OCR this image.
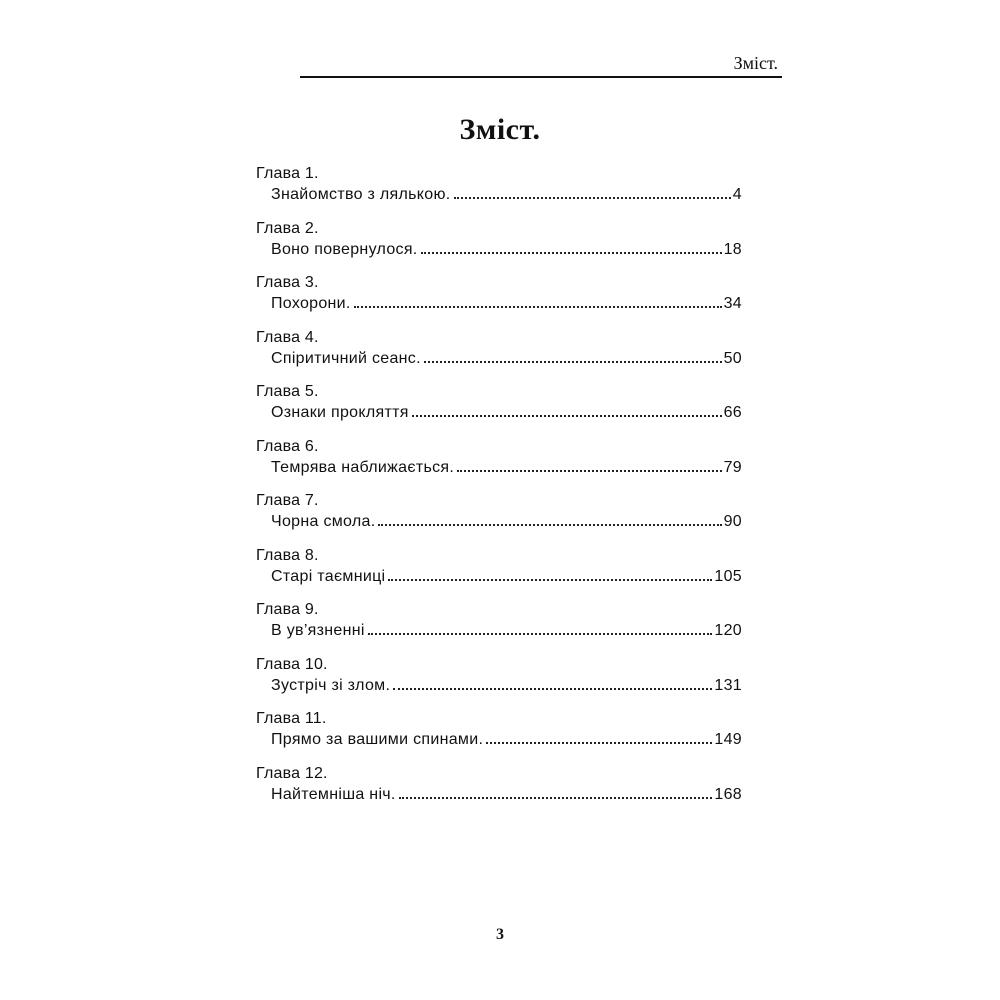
Зміст.
Зміст.
Глава 1.
Знайомство з лялькою.	4
Глава 2.
Воно повернулося.	18
Глава 3.
Похорони.	34
Глава 4.
Спіритичний сеанс.	50
Глава 5.
Ознаки прокляття	66
Глава 6.
Темрява наближається.	79
Глава 7.
Чорна смола.	90
Глава 8.
Старі таємниці	105
Глава 9.
В ув’язненні	120
Глава 10.
Зустріч зі злом.	131
Глава 11.
Прямо за вашими спинами.	149
Глава 12.
Найтемніша ніч.	168
3
